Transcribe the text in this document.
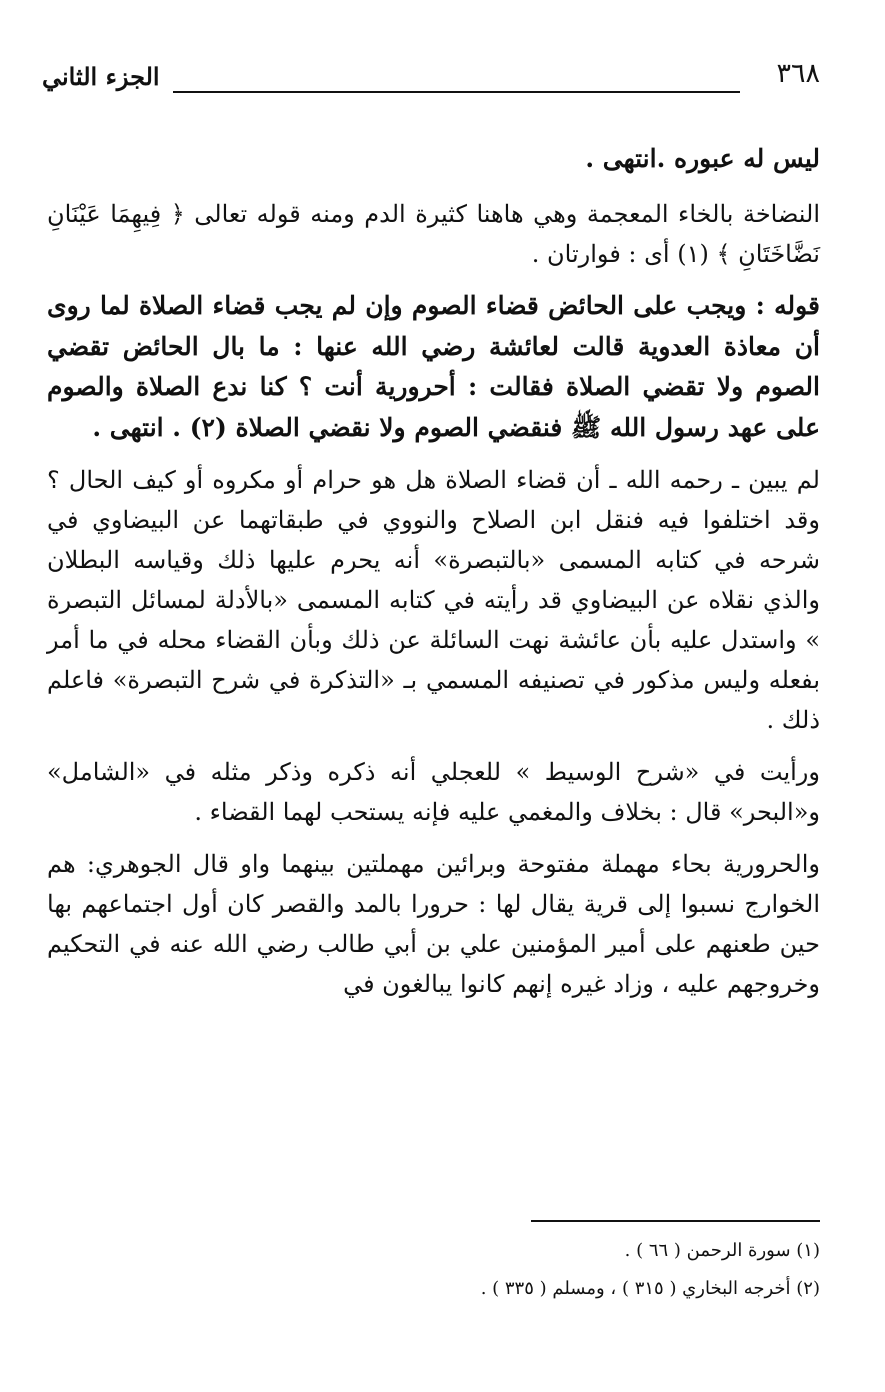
٣٦٨
الجزء الثاني

ليس له عبوره .انتهى .

النضاخة بالخاء المعجمة وهي هاهنا كثيرة الدم ومنه قوله تعالى ﴿ فِيهِمَا عَيْنَانِ نَضَّاخَتَانِ ﴾ (١) أى : فوارتان .

قوله : ويجب على الحائض قضاء الصوم وإن لم يجب قضاء الصلاة لما روى أن معاذة العدوية قالت لعائشة رضي الله عنها : ما بال الحائض تقضي الصوم ولا تقضي الصلاة فقالت : أحرورية أنت ؟ كنا ندع الصلاة والصوم على عهد رسول الله ﷺ فنقضي الصوم ولا نقضي الصلاة (٢) . انتهى .

لم يبين ـ رحمه الله ـ أن قضاء الصلاة هل هو حرام أو مكروه أو كيف الحال ؟ وقد اختلفوا فيه فنقل ابن الصلاح والنووي في طبقاتهما عن البيضاوي في شرحه في كتابه المسمى «بالتبصرة» أنه يحرم عليها ذلك وقياسه البطلان والذي نقلاه عن البيضاوي قد رأيته في كتابه المسمى «بالأدلة لمسائل التبصرة » واستدل عليه بأن عائشة نهت السائلة عن ذلك وبأن القضاء محله في ما أمر بفعله وليس مذكور في تصنيفه المسمي بـ «التذكرة في شرح التبصرة» فاعلم ذلك .

ورأيت في «شرح الوسيط » للعجلي أنه ذكره وذكر مثله في «الشامل» و«البحر» قال : بخلاف والمغمي عليه فإنه يستحب لهما القضاء .

والحرورية بحاء مهملة مفتوحة وبرائين مهملتين بينهما واو قال الجوهري: هم الخوارج نسبوا إلى قرية يقال لها : حرورا بالمد والقصر كان أول اجتماعهم بها حين طعنهم على أمير المؤمنين علي بن أبي طالب رضي الله عنه في التحكيم وخروجهم عليه ، وزاد غيره إنهم كانوا يبالغون في

(١) سورة الرحمن ( ٦٦ ) .
(٢) أخرجه البخاري ( ٣١٥ ) ، ومسلم ( ٣٣٥ ) .
